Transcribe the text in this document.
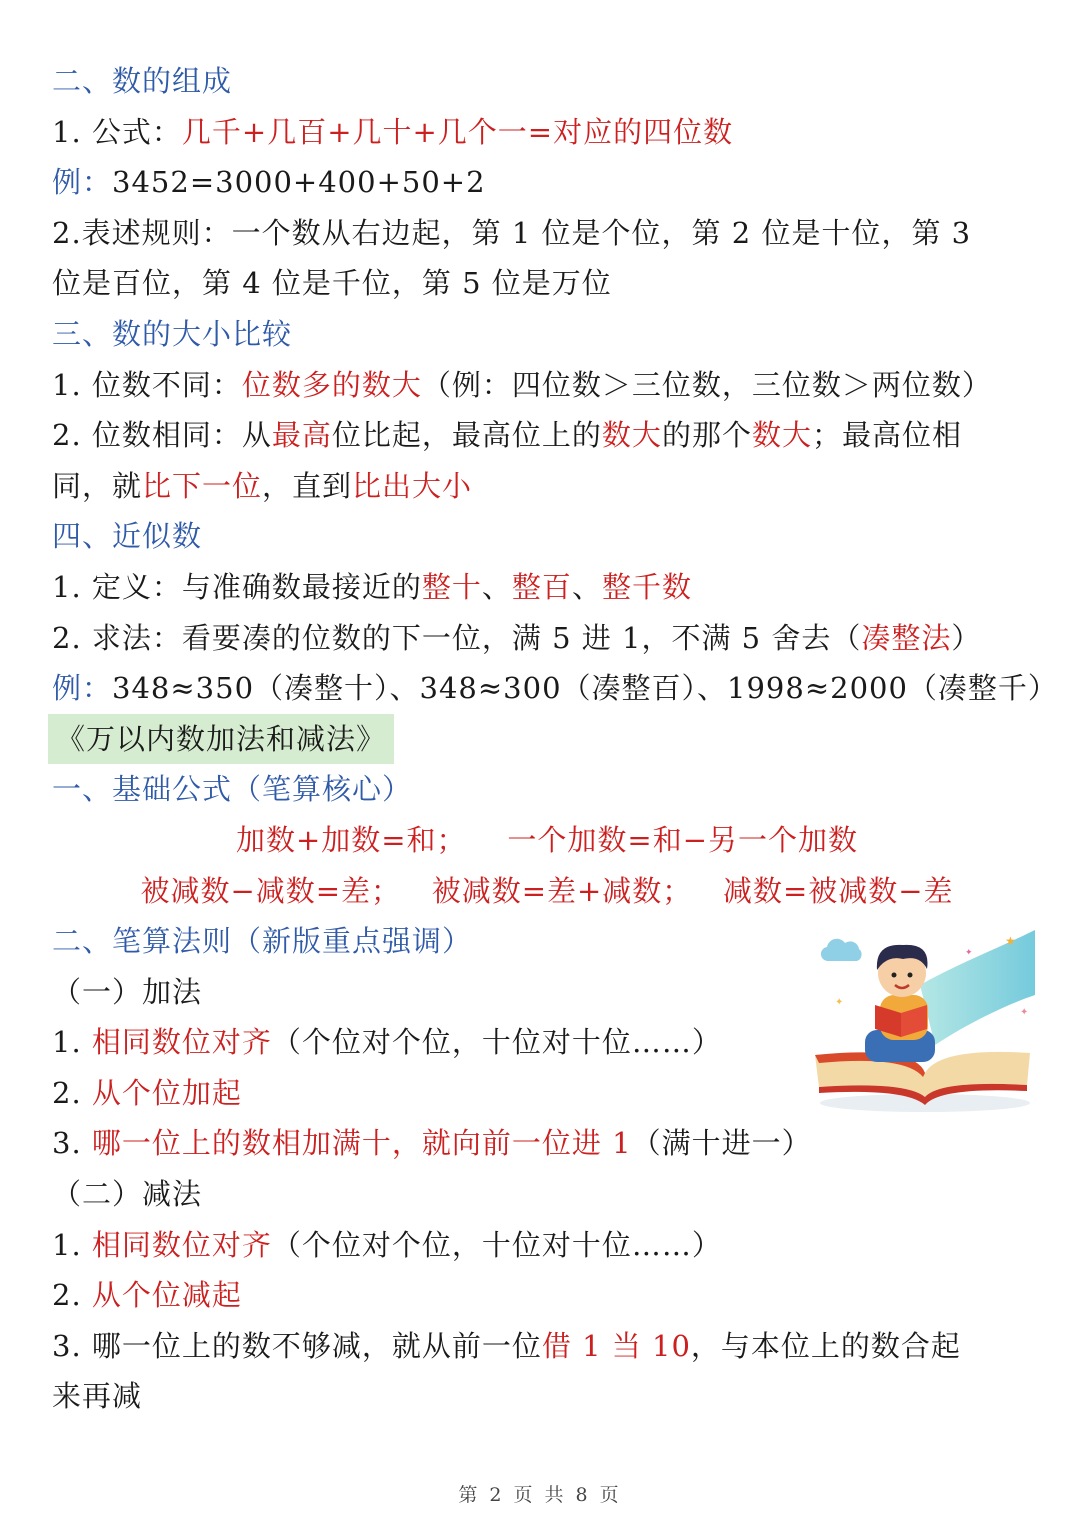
二、数的组成
1. 公式：几千+几百+几十+几个一=对应的四位数
例：3452=3000+400+50+2
2.表述规则：一个数从右边起，第 1 位是个位，第 2 位是十位，第 3
位是百位，第 4 位是千位，第 5 位是万位
三、数的大小比较
1. 位数不同：位数多的数大（例：四位数＞三位数，三位数＞两位数）
2. 位数相同：从最高位比起，最高位上的数大的那个数大；最高位相
同，就比下一位，直到比出大小
四、近似数
1. 定义：与准确数最接近的整十、整百、整千数
2. 求法：看要凑的位数的下一位，满 5 进 1，不满 5 舍去（凑整法）
例：348≈350（凑整十）、348≈300（凑整百）、1998≈2000（凑整千）
《万以内数加法和减法》
一、基础公式（笔算核心）
加数+加数=和；    一个加数=和−另一个加数
被减数−减数=差；   被减数=差+减数；   减数=被减数−差
二、笔算法则（新版重点强调）
（一）加法
1. 相同数位对齐（个位对个位，十位对十位……）
2. 从个位加起
3. 哪一位上的数相加满十，就向前一位进 1（满十进一）
（二）减法
1. 相同数位对齐（个位对个位，十位对十位……）
2. 从个位减起
3. 哪一位上的数不够减，就从前一位借 1 当 10，与本位上的数合起
来再减
★
✦
✦
✦
第 2 页 共 8 页
